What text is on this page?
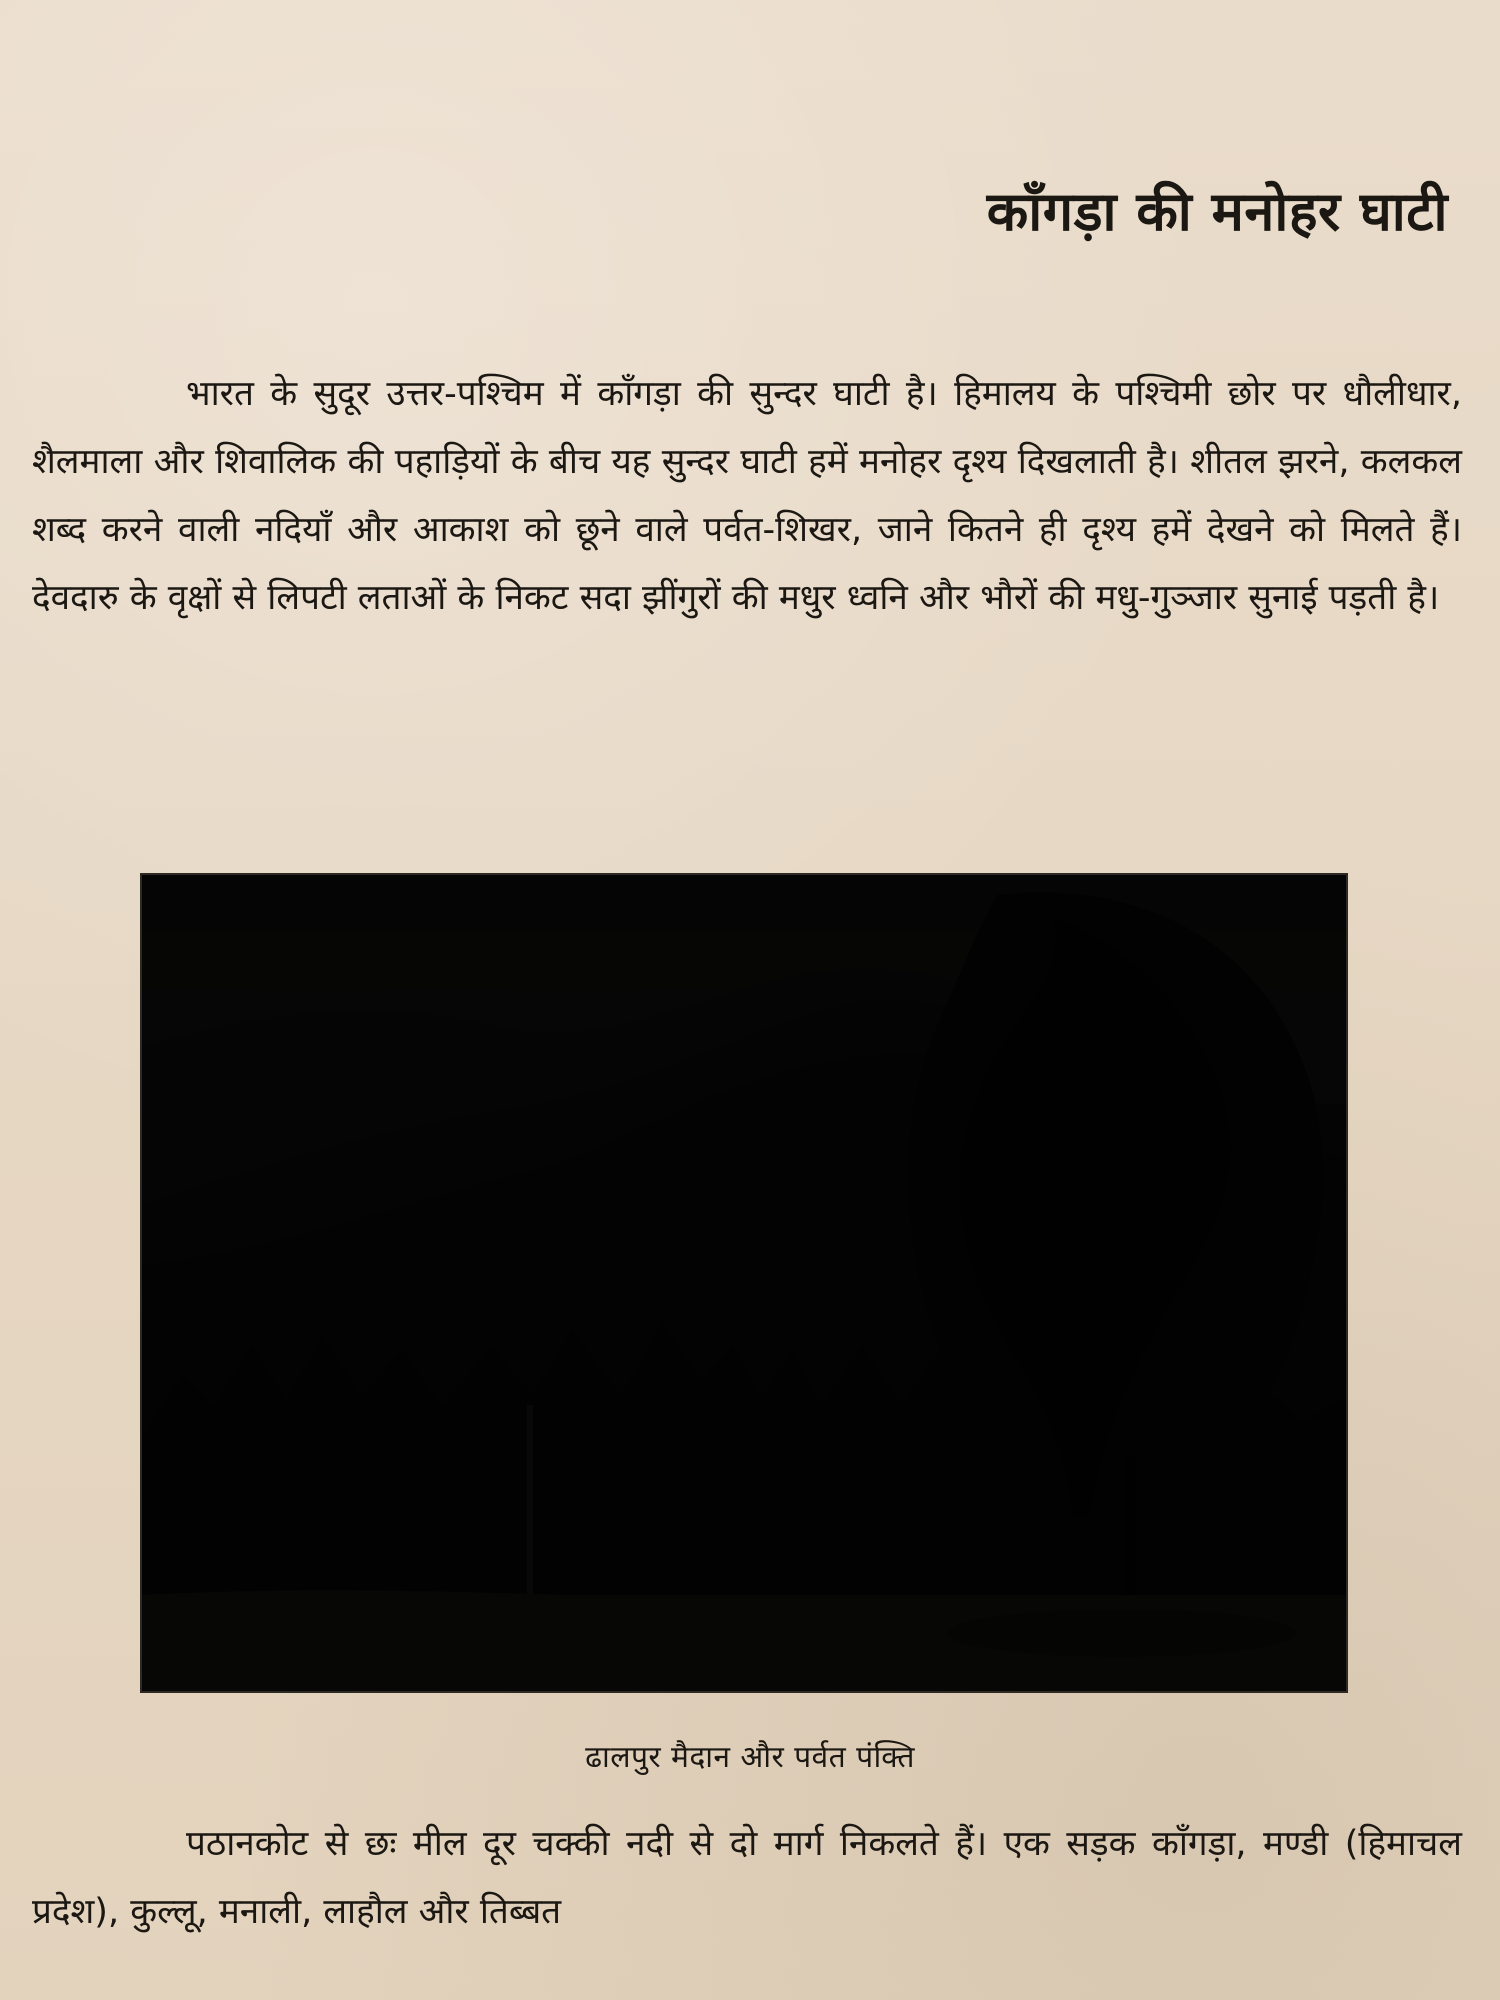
काँगड़ा की मनोहर घाटी

भारत के सुदूर उत्तर-पश्चिम में काँगड़ा की सुन्दर घाटी है। हिमालय के पश्चिमी छोर पर धौलीधार, शैलमाला और शिवालिक की पहाड़ियों के बीच यह सुन्दर घाटी हमें मनोहर दृश्य दिखलाती है। शीतल झरने, कलकल शब्द करने वाली नदियाँ और आकाश को छूने वाले पर्वत-शिखर, जाने कितने ही दृश्य हमें देखने को मिलते हैं। देवदारु के वृक्षों से लिपटी लताओं के निकट सदा झींगुरों की मधुर ध्वनि और भौरों की मधु-गुञ्जार सुनाई पड़ती है।

ढालपुर मैदान और पर्वत पंक्ति

पठानकोट से छः मील दूर चक्की नदी से दो मार्ग निकलते हैं। एक सड़क काँगड़ा, मण्डी (हिमाचल प्रदेश), कुल्लू, मनाली, लाहौल और तिब्बत
